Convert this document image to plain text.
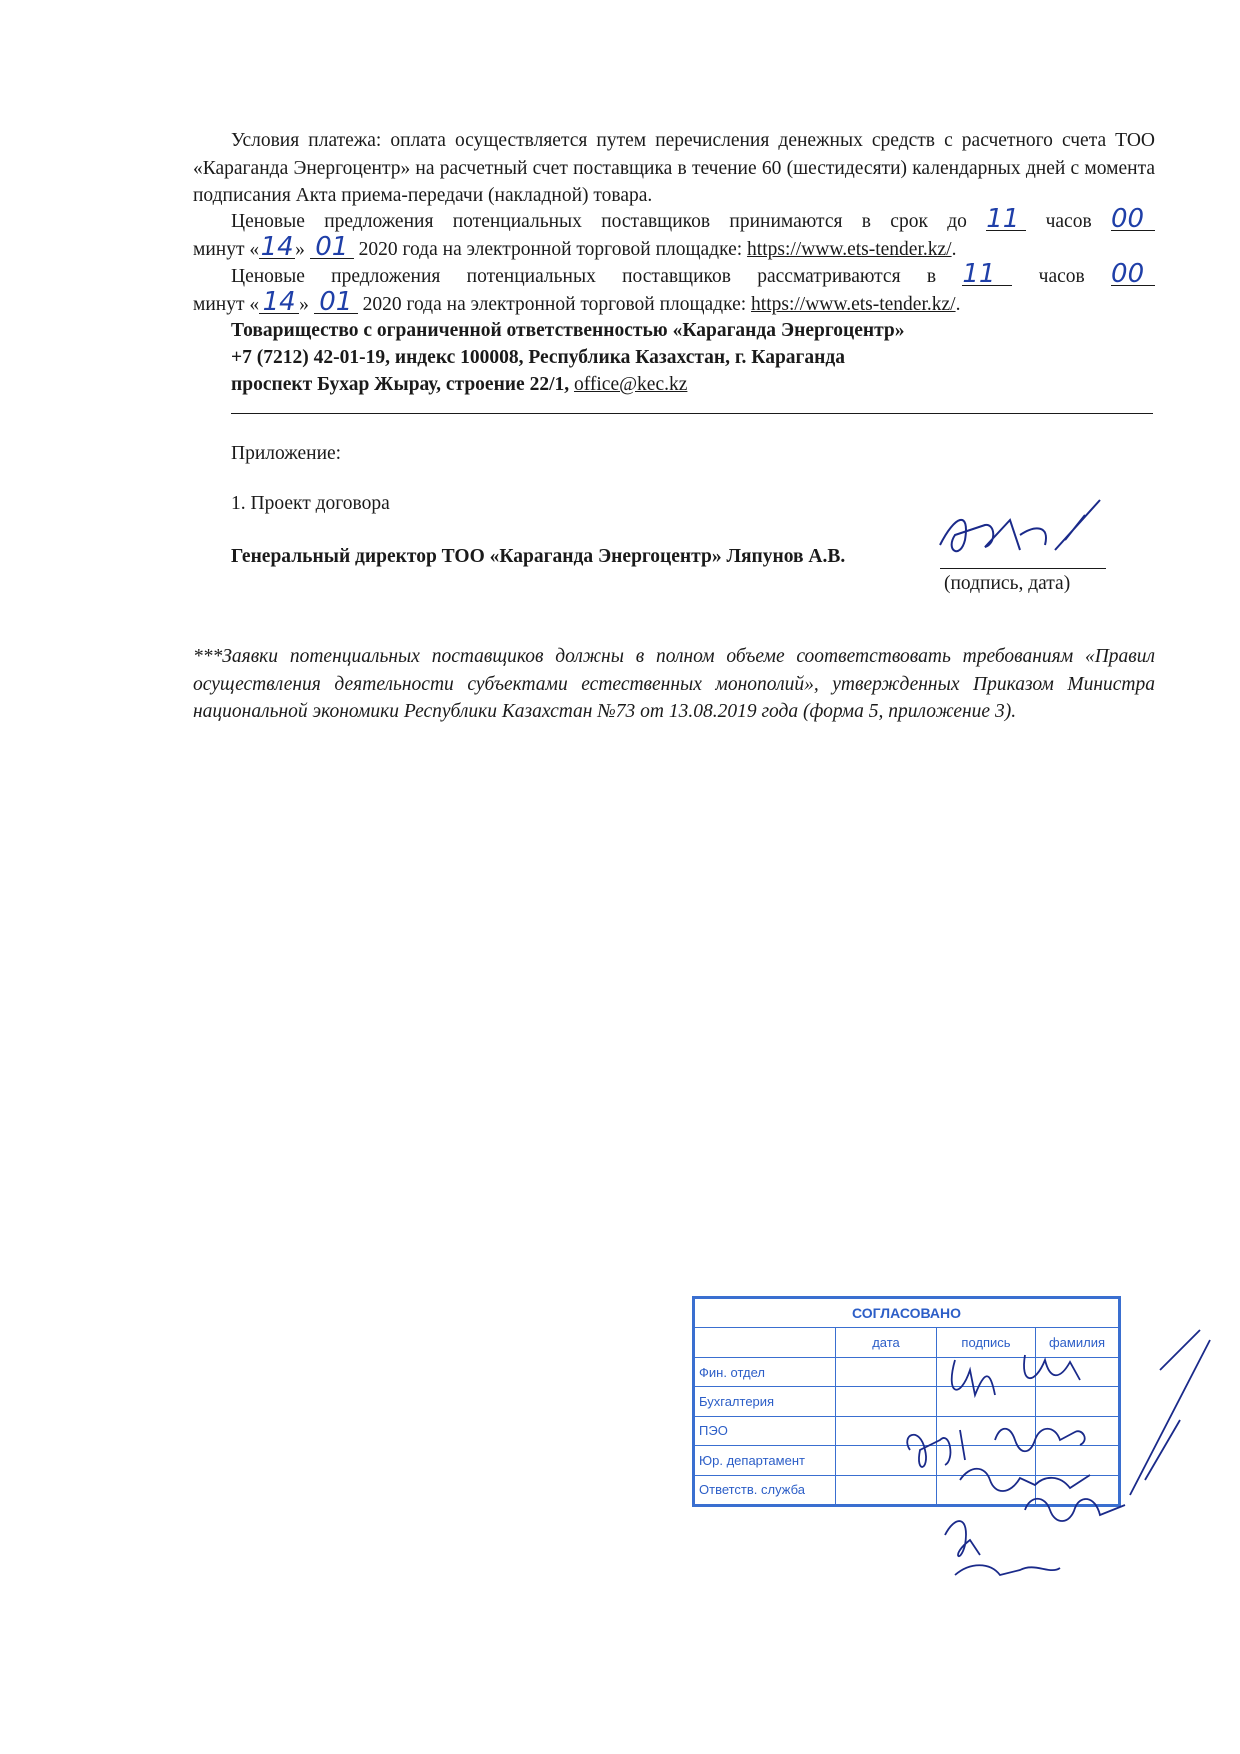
Условия платежа: оплата осуществляется путем перечисления денежных средств с расчетного счета ТОО «Караганда Энергоцентр» на расчетный счет поставщика в течение 60 (шестидесяти) календарных дней с момента подписания Акта приема-передачи (накладной) товара.
Ценовые предложения потенциальных поставщиков принимаются в срок до 11 часов 00
минут «14» 01 2020 года на электронной торговой площадке: https://www.ets-tender.kz/.
Ценовые предложения потенциальных поставщиков рассматриваются в 11 часов 00
минут « 14 » 01 2020 года на электронной торговой площадке: https://www.ets-tender.kz/.
Товарищество с ограниченной ответственностью «Караганда Энергоцентр»
+7 (7212) 42-01-19, индекс 100008, Республика Казахстан, г. Караганда
проспект Бухар Жырау, строение 22/1, office@kec.kz
Приложение:
1. Проект договора
Генеральный директор ТОО «Караганда Энергоцентр» Ляпунов А.В.
(подпись, дата)
***Заявки потенциальных поставщиков должны в полном объеме соответствовать требованиям «Правил осуществления деятельности субъектами естественных монополий», утвержденных Приказом Министра национальной экономики Республики Казахстан №73 от 13.08.2019 года (форма 5, приложение 3).
СОГЛАСОВАНО			
	дата	подпись	фамилия
Фин. отдел			
Бухгалтерия			
ПЭО			
Юр. департамент			
Ответств. служба			
